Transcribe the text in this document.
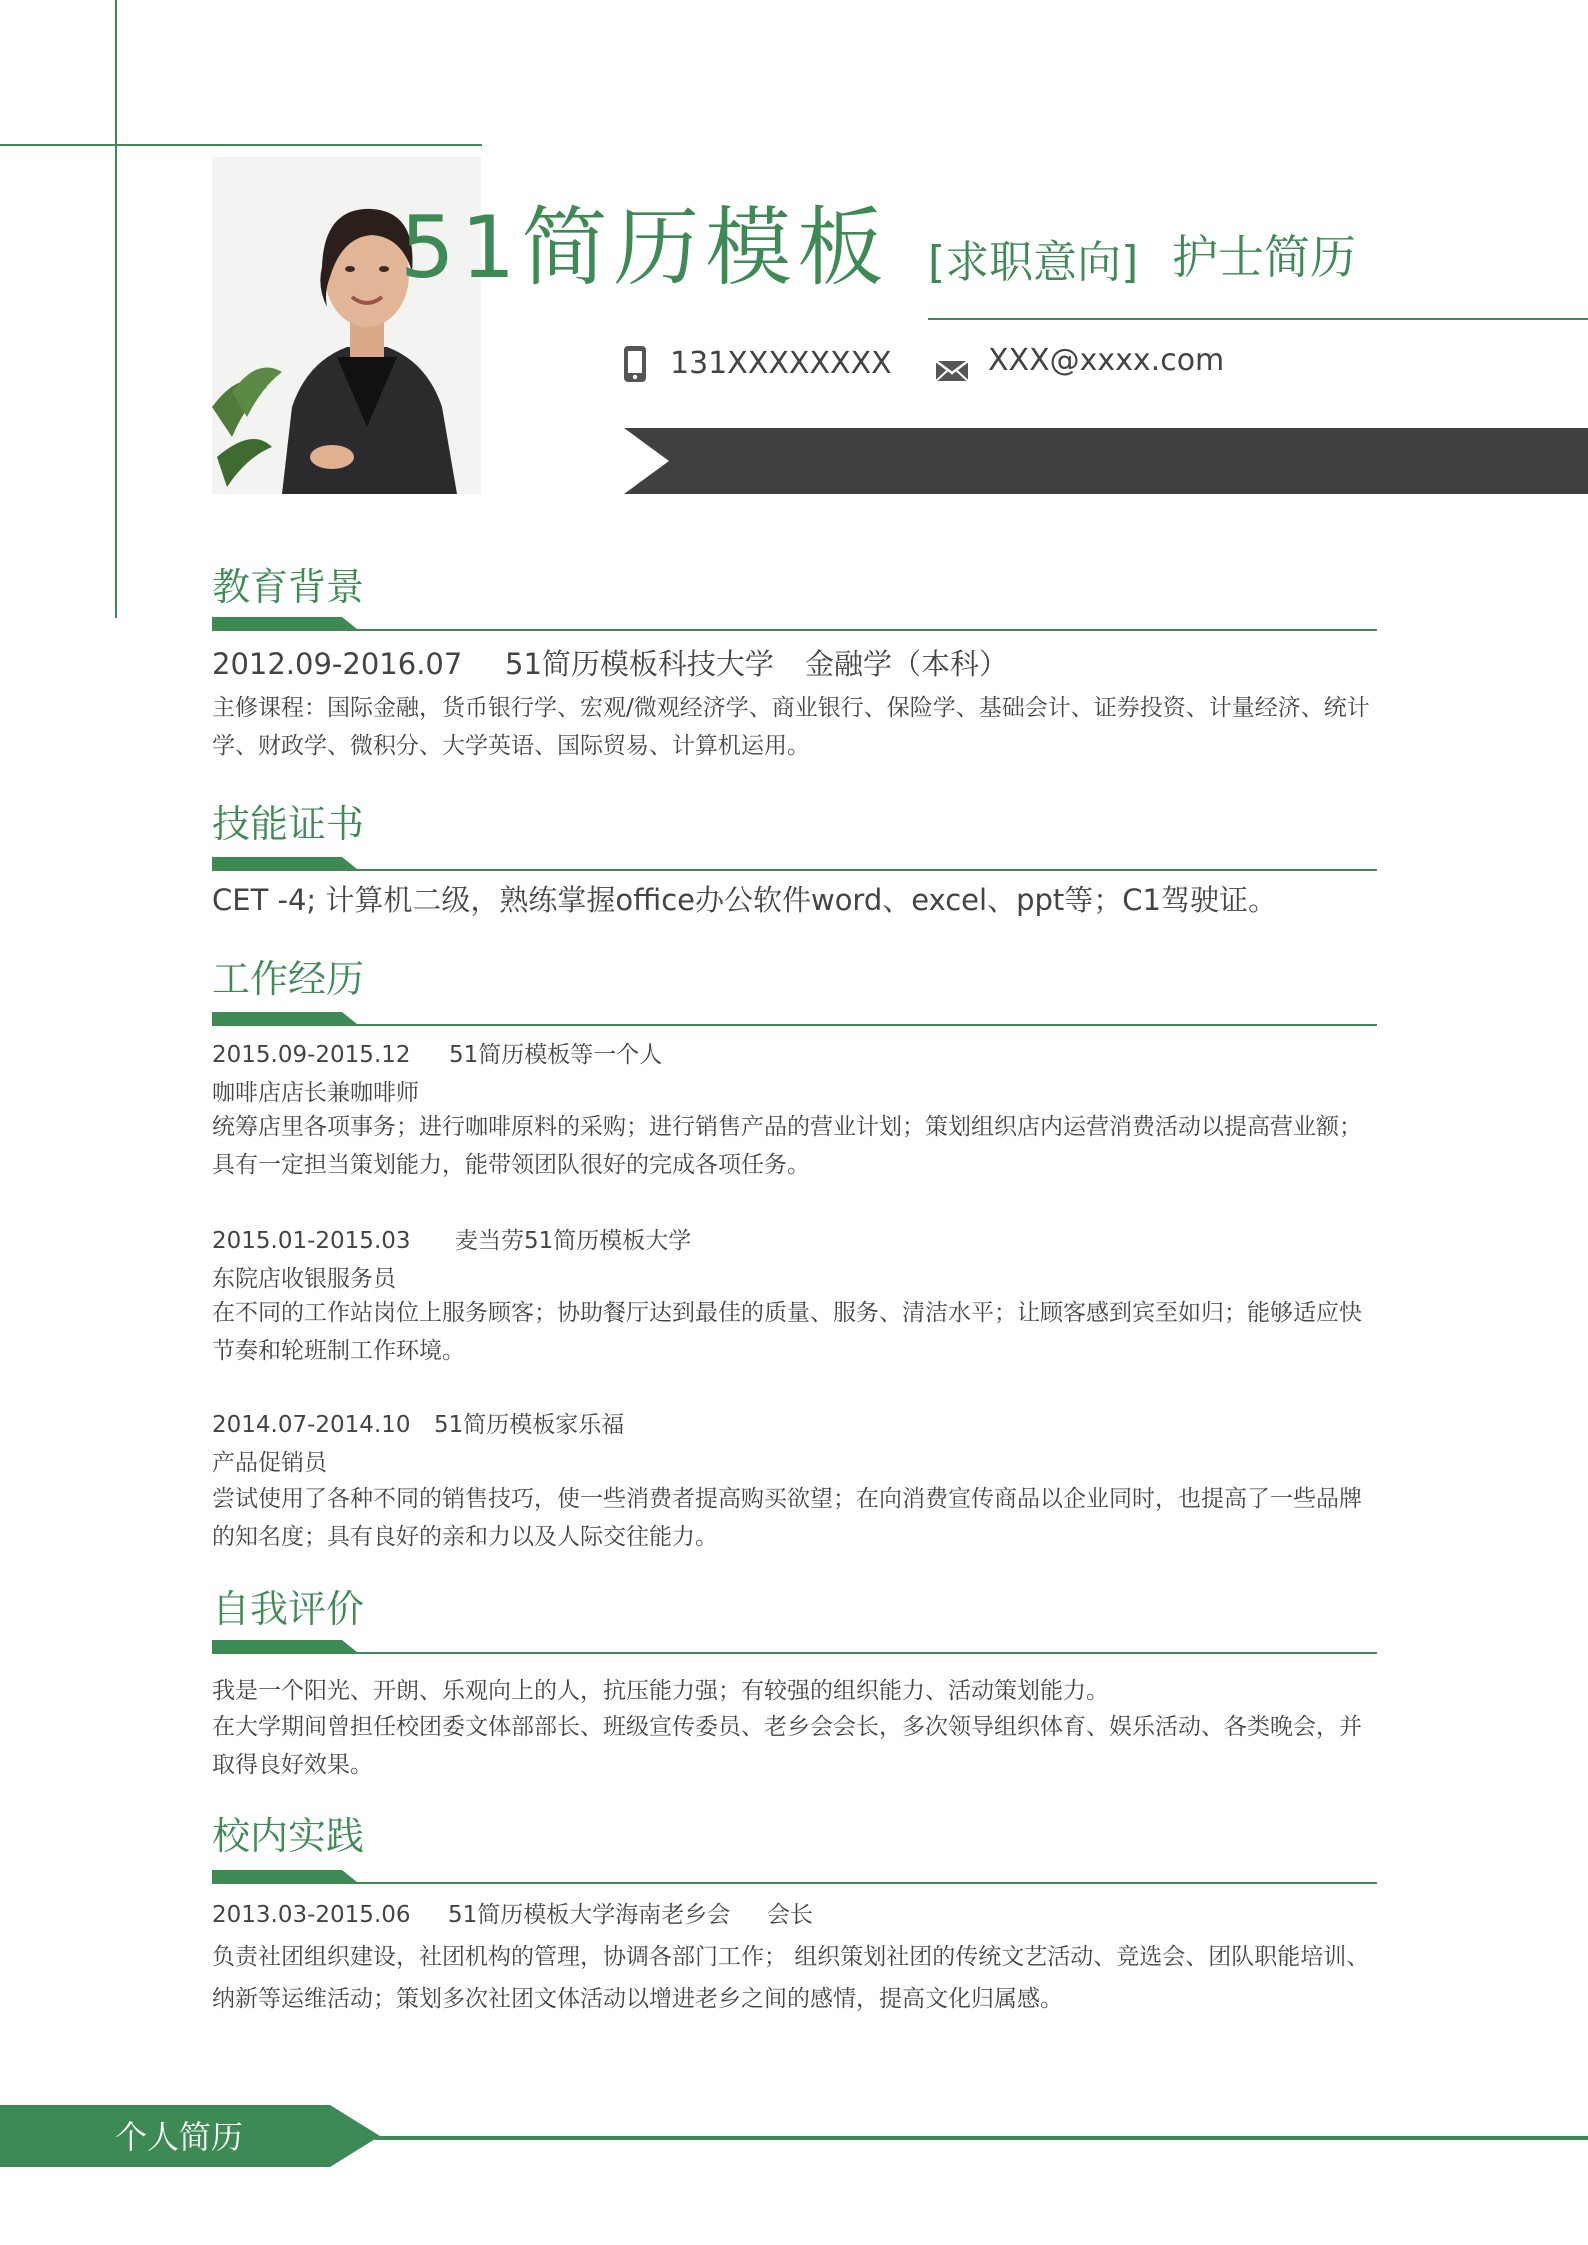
51简历模板 [求职意向] 护士简历
131XXXXXXXX	XXX@xxxx.com
教育背景
2012.09-2016.07 51简历模板科技大学 金融学（本科）
主修课程：国际金融，货币银行学、宏观/微观经济学、商业银行、保险学、基础会计、证券投资、计量经济、统计学、财政学、微积分、大学英语、国际贸易、计算机运用。
技能证书
CET -4; 计算机二级，熟练掌握office办公软件word、excel、ppt等；C1驾驶证。
工作经历
2015.09-2015.12 51简历模板等一个人
咖啡店店长兼咖啡师
统筹店里各项事务；进行咖啡原料的采购；进行销售产品的营业计划；策划组织店内运营消费活动以提高营业额；具有一定担当策划能力，能带领团队很好的完成各项任务。
2015.01-2015.03 麦当劳51简历模板大学
东院店收银服务员
在不同的工作站岗位上服务顾客；协助餐厅达到最佳的质量、服务、清洁水平；让顾客感到宾至如归；能够适应快节奏和轮班制工作环境。
2014.07-2014.10 51简历模板家乐福
产品促销员
尝试使用了各种不同的销售技巧，使一些消费者提高购买欲望；在向消费宣传商品以企业同时，也提高了一些品牌的知名度；具有良好的亲和力以及人际交往能力。
自我评价
我是一个阳光、开朗、乐观向上的人，抗压能力强；有较强的组织能力、活动策划能力。
在大学期间曾担任校团委文体部部长、班级宣传委员、老乡会会长，多次领导组织体育、娱乐活动、各类晚会，并取得良好效果。
校内实践
2013.03-2015.06 51简历模板大学海南老乡会 会长
负责社团组织建设，社团机构的管理，协调各部门工作； 组织策划社团的传统文艺活动、竞选会、团队职能培训、纳新等运维活动；策划多次社团文体活动以增进老乡之间的感情，提高文化归属感。
个人简历
